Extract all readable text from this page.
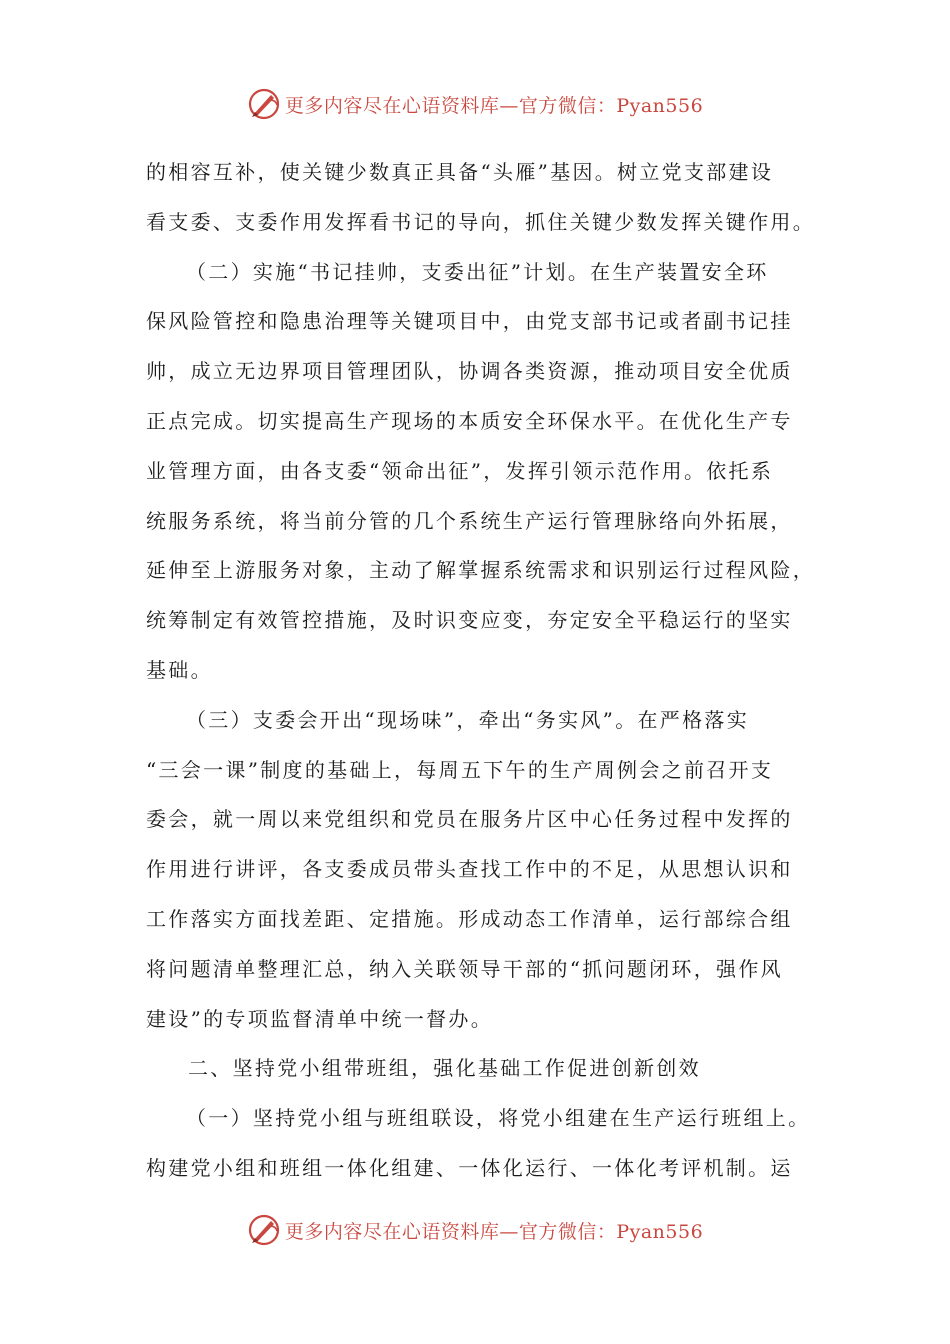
更多内容尽在心语资料库—官方微信：Pyan556
的相容互补，使关键少数真正具备“头雁”基因。树立党支部建设
看支委、支委作用发挥看书记的导向，抓住关键少数发挥关键作用。
（二）实施“书记挂帅，支委出征”计划。在生产装置安全环
保风险管控和隐患治理等关键项目中，由党支部书记或者副书记挂
帅，成立无边界项目管理团队，协调各类资源，推动项目安全优质
正点完成。切实提高生产现场的本质安全环保水平。在优化生产专
业管理方面，由各支委“领命出征”，发挥引领示范作用。依托系
统服务系统，将当前分管的几个系统生产运行管理脉络向外拓展，
延伸至上游服务对象，主动了解掌握系统需求和识别运行过程风险，
统筹制定有效管控措施，及时识变应变，夯定安全平稳运行的坚实
基础。
（三）支委会开出“现场味”，牵出“务实风”。在严格落实
“三会一课”制度的基础上，每周五下午的生产周例会之前召开支
委会，就一周以来党组织和党员在服务片区中心任务过程中发挥的
作用进行讲评，各支委成员带头查找工作中的不足，从思想认识和
工作落实方面找差距、定措施。形成动态工作清单，运行部综合组
将问题清单整理汇总，纳入关联领导干部的“抓问题闭环，强作风
建设”的专项监督清单中统一督办。
二、坚持党小组带班组，强化基础工作促进创新创效
（一）坚持党小组与班组联设，将党小组建在生产运行班组上。
构建党小组和班组一体化组建、一体化运行、一体化考评机制。运
更多内容尽在心语资料库—官方微信：Pyan556
